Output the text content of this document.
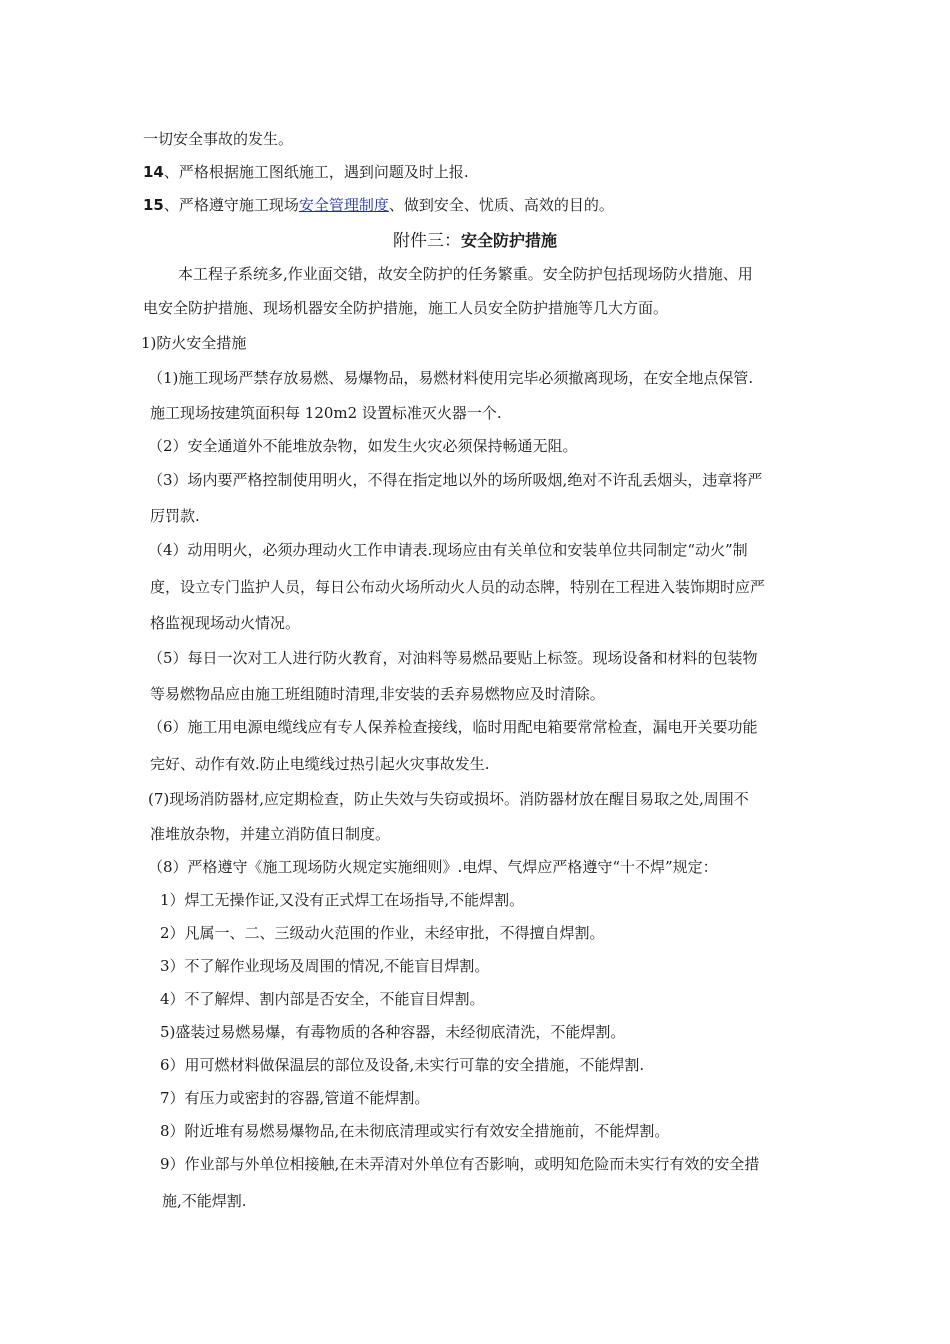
一切安全事故的发生。
14、严格根据施工图纸施工，遇到问题及时上报.
15、严格遵守施工现场安全管理制度、做到安全、忧质、高效的目的。
附件三：安全防护措施
本工程子系统多,作业面交错，故安全防护的任务繁重。安全防护包括现场防火措施、用
电安全防护措施、现场机器安全防护措施，施工人员安全防护措施等几大方面。
1)防火安全措施
（1)施工现场严禁存放易燃、易爆物品，易燃材料使用完毕必须撤离现场，在安全地点保管.
施工现场按建筑面积每 120m2 设置标准灭火器一个.
（2）安全通道外不能堆放杂物，如发生火灾必须保持畅通无阻。
（3）场内要严格控制使用明火，不得在指定地以外的场所吸烟,绝对不许乱丢烟头，违章将严
厉罚款.
（4）动用明火，必须办理动火工作申请表.现场应由有关单位和安装单位共同制定“动火”制
度，设立专门监护人员，每日公布动火场所动火人员的动态牌，特别在工程进入装饰期时应严
格监视现场动火情况。
（5）每日一次对工人进行防火教育，对油料等易燃品要贴上标签。现场设备和材料的包装物
等易燃物品应由施工班组随时清理,非安装的丢弃易燃物应及时清除。
（6）施工用电源电缆线应有专人保养检查接线，临时用配电箱要常常检查，漏电开关要功能
完好、动作有效.防止电缆线过热引起火灾事故发生.
(7)现场消防器材,应定期检查，防止失效与失窃或损坏。消防器材放在醒目易取之处,周围不
准堆放杂物，并建立消防值日制度。
（8）严格遵守《施工现场防火规定实施细则》.电焊、气焊应严格遵守“十不焊”规定：
1）焊工无操作证,又没有正式焊工在场指导,不能焊割。
2）凡属一、二、三级动火范围的作业，未经审批，不得擅自焊割。
3）不了解作业现场及周围的情况,不能盲目焊割。
4）不了解焊、割内部是否安全，不能盲目焊割。
5)盛装过易燃易爆，有毒物质的各种容器，未经彻底清洗，不能焊割。
6）用可燃材料做保温层的部位及设备,未实行可靠的安全措施，不能焊割.
7）有压力或密封的容器,管道不能焊割。
8）附近堆有易燃易爆物品,在未彻底清理或实行有效安全措施前，不能焊割。
9）作业部与外单位相接触,在未弄清对外单位有否影响，或明知危险而未实行有效的安全措
施,不能焊割.
